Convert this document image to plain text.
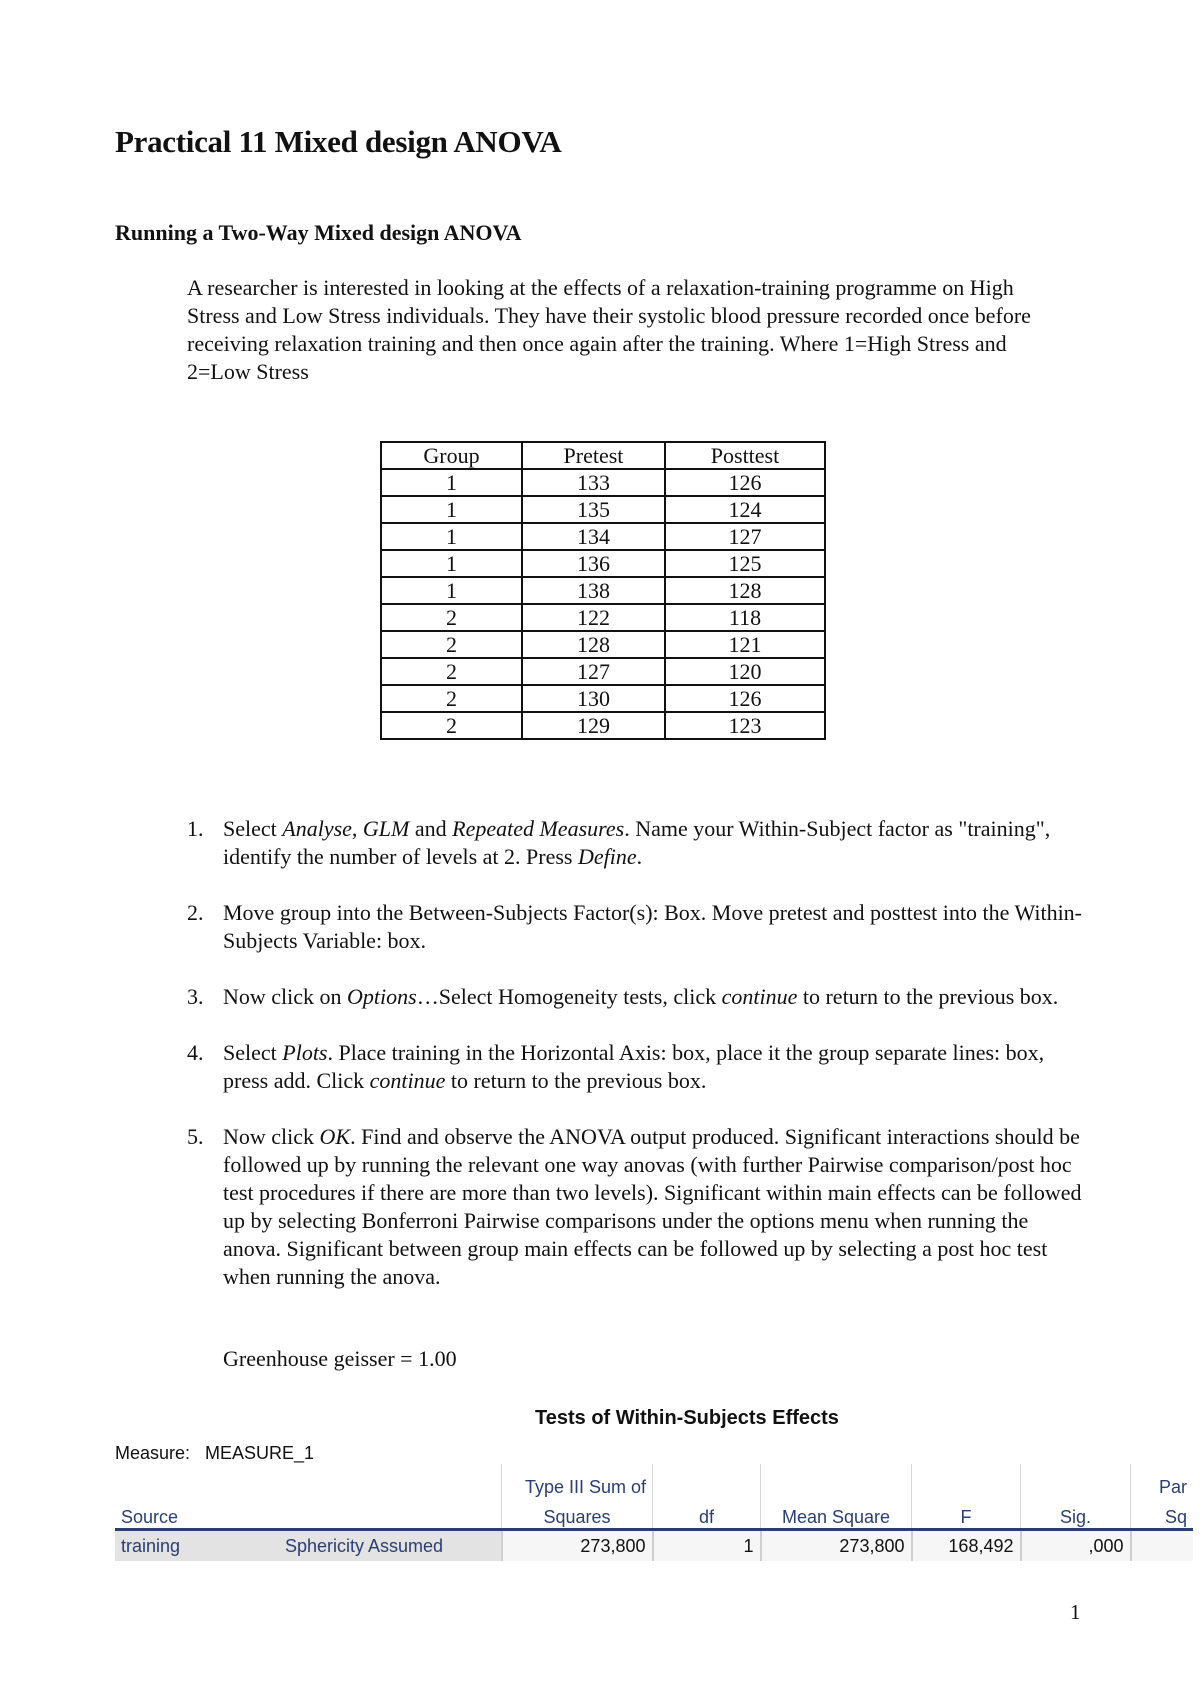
Practical 11 Mixed design ANOVA
Running a Two-Way Mixed design ANOVA

A researcher is interested in looking at the effects of a relaxation-training programme on High Stress and Low Stress individuals. They have their systolic blood pressure recorded once before receiving relaxation training and then once again after the training. Where 1=High Stress and 2=Low Stress

Group	Pretest	Posttest
1	133	126
1	135	124
1	134	127
1	136	125
1	138	128
2	122	118
2	128	121
2	127	120
2	130	126
2	129	123
1. Select Analyse, GLM and Repeated Measures. Name your Within-Subject factor as "training", identify the number of levels at 2. Press Define.
2. Move group into the Between-Subjects Factor(s): Box. Move pretest and posttest into the Within-Subjects Variable: box.
3. Now click on Options…Select Homogeneity tests, click continue to return to the previous box.
4. Select Plots. Place training in the Horizontal Axis: box, place it the group separate lines: box, press add. Click continue to return to the previous box.
5. Now click OK. Find and observe the ANOVA output produced. Significant interactions should be followed up by running the relevant one way anovas (with further Pairwise comparison/post hoc test procedures if there are more than two levels). Significant within main effects can be followed up by selecting Bonferroni Pairwise comparisons under the options menu when running the anova. Significant between group main effects can be followed up by selecting a post hoc test when running the anova.

Greenhouse geisser = 1.00

Tests of Within-Subjects Effects
Measure: MEASURE_1
		Type III Sum of					Par
Source		Squares	df	Mean Square	F	Sig.	Sq
training	Sphericity Assumed	273,800	1	273,800	168,492	,000	
1
